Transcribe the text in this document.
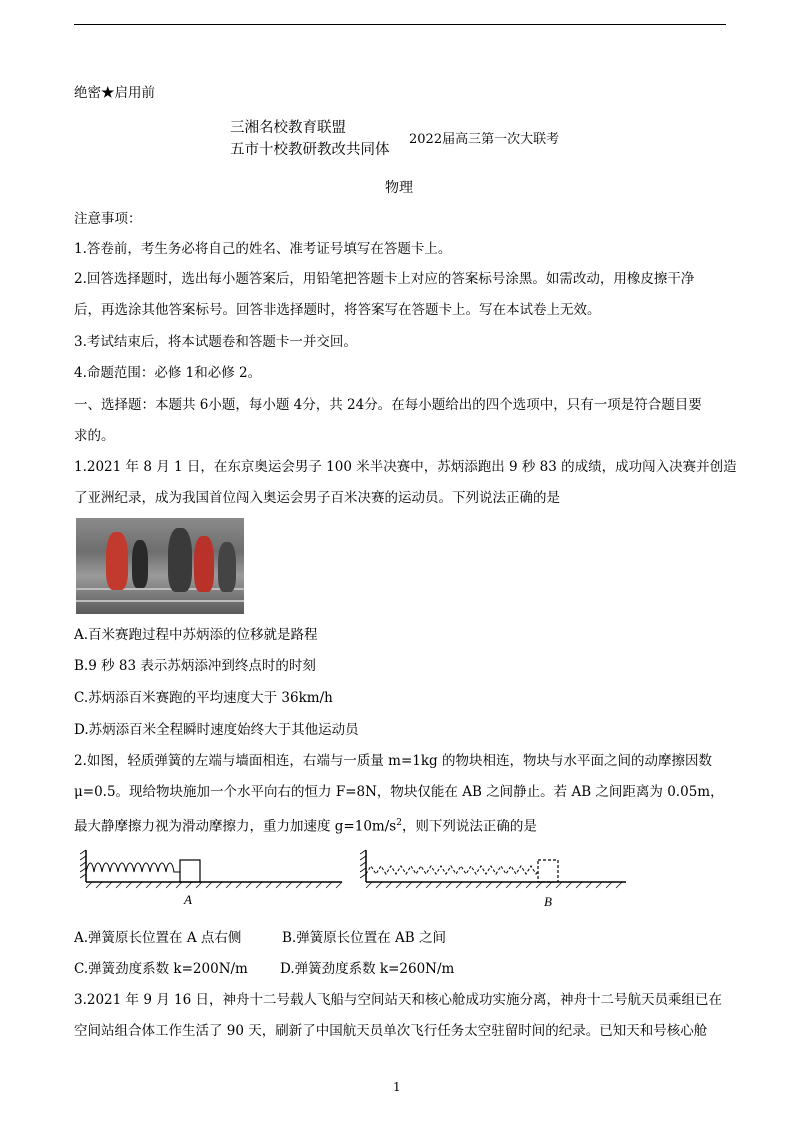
绝密★启用前
三湘名校教育联盟
五市十校教研教改共同体
2022届高三第一次大联考
物理
注意事项：
1.答卷前，考生务必将自己的姓名、准考证号填写在答题卡上。
2.回答选择题时，选出每小题答案后，用铅笔把答题卡上对应的答案标号涂黑。如需改动，用橡皮擦干净
后，再选涂其他答案标号。回答非选择题时，将答案写在答题卡上。写在本试卷上无效。
3.考试结束后，将本试题卷和答题卡一并交回。
4.命题范围：必修 1和必修 2。
一、选择题：本题共 6小题，每小题 4分，共 24分。在每小题给出的四个选项中，只有一项是符合题目要
求的。
1.2021 年 8 月 1 日，在东京奥运会男子 100 米半决赛中，苏炳添跑出 9 秒 83 的成绩，成功闯入决赛并创造
了亚洲纪录，成为我国首位闯入奥运会男子百米决赛的运动员。下列说法正确的是
A.百米赛跑过程中苏炳添的位移就是路程
B.9 秒 83 表示苏炳添冲到终点时的时刻
C.苏炳添百米赛跑的平均速度大于 36km/h
D.苏炳添百米全程瞬时速度始终大于其他运动员
2.如图，轻质弹簧的左端与墙面相连，右端与一质量 m=1kg 的物块相连，物块与水平面之间的动摩擦因数
μ=0.5。现给物块施加一个水平向右的恒力 F=8N，物块仅能在 AB 之间静止。若 AB 之间距离为 0.05m，
最大静摩擦力视为滑动摩擦力，重力加速度 $g=10m/s^2$，则下列说法正确的是
A	B
A.弹簧原长位置在 A 点右侧	B.弹簧原长位置在 AB 之间
C.弹簧劲度系数 k=200N/m D.弹簧劲度系数 k=260N/m
3.2021 年 9 月 16 日，神舟十二号载人飞船与空间站天和核心舱成功实施分离，神舟十二号航天员乘组已在
空间站组合体工作生活了 90 天，刷新了中国航天员单次飞行任务太空驻留时间的纪录。已知天和号核心舱
1
